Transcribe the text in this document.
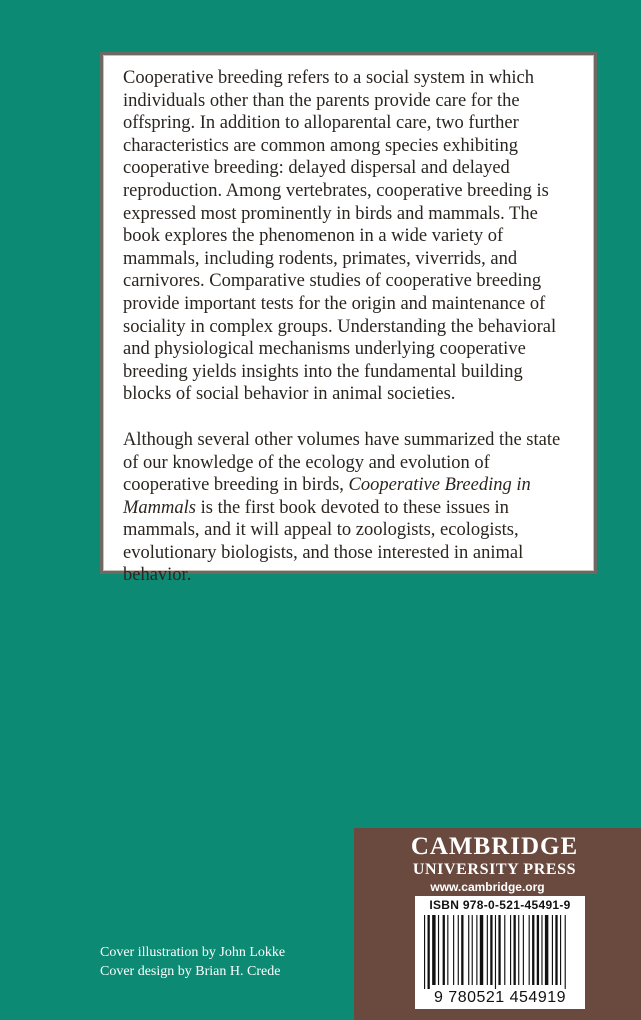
Cooperative breeding refers to a social system in which individuals other than the parents provide care for the offspring. In addition to alloparental care, two further characteristics are common among species exhibiting cooperative breeding: delayed dispersal and delayed reproduction. Among vertebrates, cooperative breeding is expressed most prominently in birds and mammals. The book explores the phenomenon in a wide variety of mammals, including rodents, primates, viverrids, and carnivores. Comparative studies of cooperative breeding provide important tests for the origin and maintenance of sociality in complex groups. Understanding the behavioral and physiological mechanisms underlying cooperative breeding yields insights into the fundamental building blocks of social behavior in animal societies.

Although several other volumes have summarized the state of our knowledge of the ecology and evolution of cooperative breeding in birds, Cooperative Breeding in Mammals is the first book devoted to these issues in mammals, and it will appeal to zoologists, ecologists, evolutionary biologists, and those interested in animal behavior.

Cover illustration by John Lokke
Cover design by Brian H. Crede
CAMBRIDGE
UNIVERSITY PRESS
www.cambridge.org
ISBN 978-0-521-45491-9
9 780521 454919
